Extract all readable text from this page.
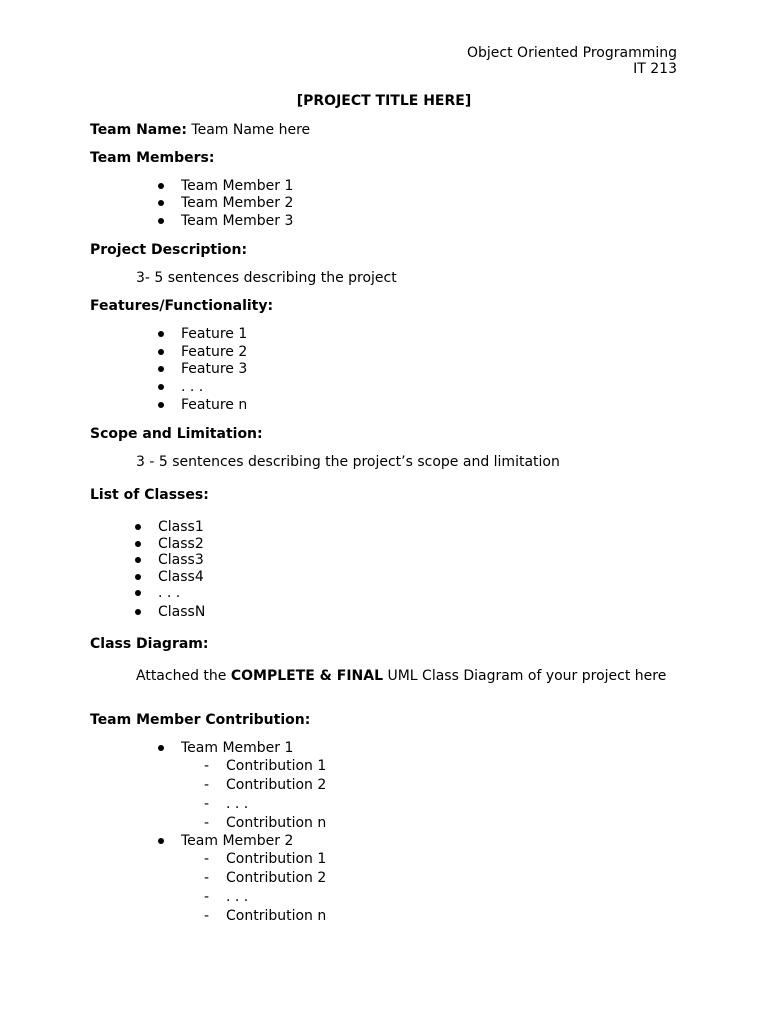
Object Oriented Programming
IT 213
[PROJECT TITLE HERE]
Team Name: Team Name here
Team Members:
Team Member 1
Team Member 2
Team Member 3
Project Description:
3- 5 sentences describing the project
Features/Functionality:
Feature 1
Feature 2
Feature 3
. . .
Feature n
Scope and Limitation:
3 - 5 sentences describing the project’s scope and limitation
List of Classes:
Class1
Class2
Class3
Class4
. . .
ClassN
Class Diagram:
Attached the COMPLETE & FINAL UML Class Diagram of your project here
Team Member Contribution:
Team Member 1
- Contribution 1
- Contribution 2
- . . .
- Contribution n
Team Member 2
- Contribution 1
- Contribution 2
- . . .
- Contribution n
